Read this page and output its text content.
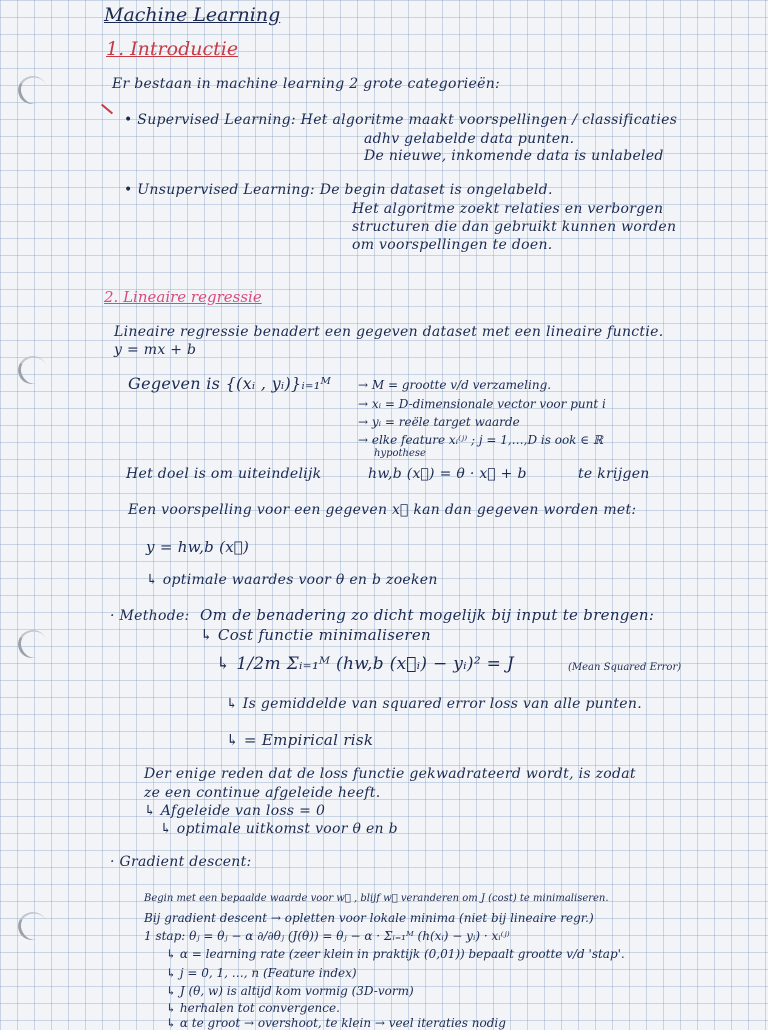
Machine Learning
1. Introductie
Er bestaan in machine learning 2 grote categorieën:
• Supervised Learning: Het algoritme maakt voorspellingen / classificaties
adhv gelabelde data punten.
De nieuwe, inkomende data is unlabeled
• Unsupervised Learning: De begin dataset is ongelabeld.
Het algoritme zoekt relaties en verborgen
structuren die dan gebruikt kunnen worden
om voorspellingen te doen.
2. Lineaire regressie
Lineaire regressie benadert een gegeven dataset met een lineaire functie.
y = mx + b
Gegeven is {(xᵢ , yᵢ)}ᵢ₌₁ᴹ → M = grootte v/d verzameling.
→ xᵢ = D-dimensionale vector voor punt i
→ yᵢ = reële target waarde
→ elke feature xᵢ⁽ʲ⁾ ; j = 1,…,D is ook ∈ ℝ
hypothese
Het doel is om uiteindelijk	hw,b (x⃗) = θ · x⃗ + b	te krijgen
Een voorspelling voor een gegeven x⃗ kan dan gegeven worden met:
y = hw,b (x⃗)
↳ optimale waardes voor θ en b zoeken
· Methode: Om de benadering zo dicht mogelijk bij input te brengen:
↳ Cost functie minimaliseren
↳ 1/2m Σᵢ₌₁ᴹ (hw,b (x⃗ᵢ) − yᵢ)² = J	(Mean Squared Error)
↳ Is gemiddelde van squared error loss van alle punten.
↳ = Empirical risk
Der enige reden dat de loss functie gekwadrateerd wordt, is zodat
ze een continue afgeleide heeft.
↳ Afgeleide van loss = 0
↳ optimale uitkomst voor θ en b
· Gradient descent:
Begin met een bepaalde waarde voor w⃗ , blijf w⃗ veranderen om J (cost) te minimaliseren.
Bij gradient descent → opletten voor lokale minima (niet bij lineaire regr.)
1 stap: θⱼ = θⱼ − α ∂/∂θⱼ (J(θ)) = θⱼ − α · Σᵢ₌₁ᴹ (h(xᵢ) − yᵢ) · xᵢ⁽ʲ⁾
↳ α = learning rate (zeer klein in praktijk (0,01)) bepaalt grootte v/d 'stap'.
↳ j = 0, 1, …, n (Feature index)
↳ J (θ, w) is altijd kom vormig (3D-vorm)
↳ herhalen tot convergence.
↳ α te groot → overshoot, te klein → veel iteraties nodig
